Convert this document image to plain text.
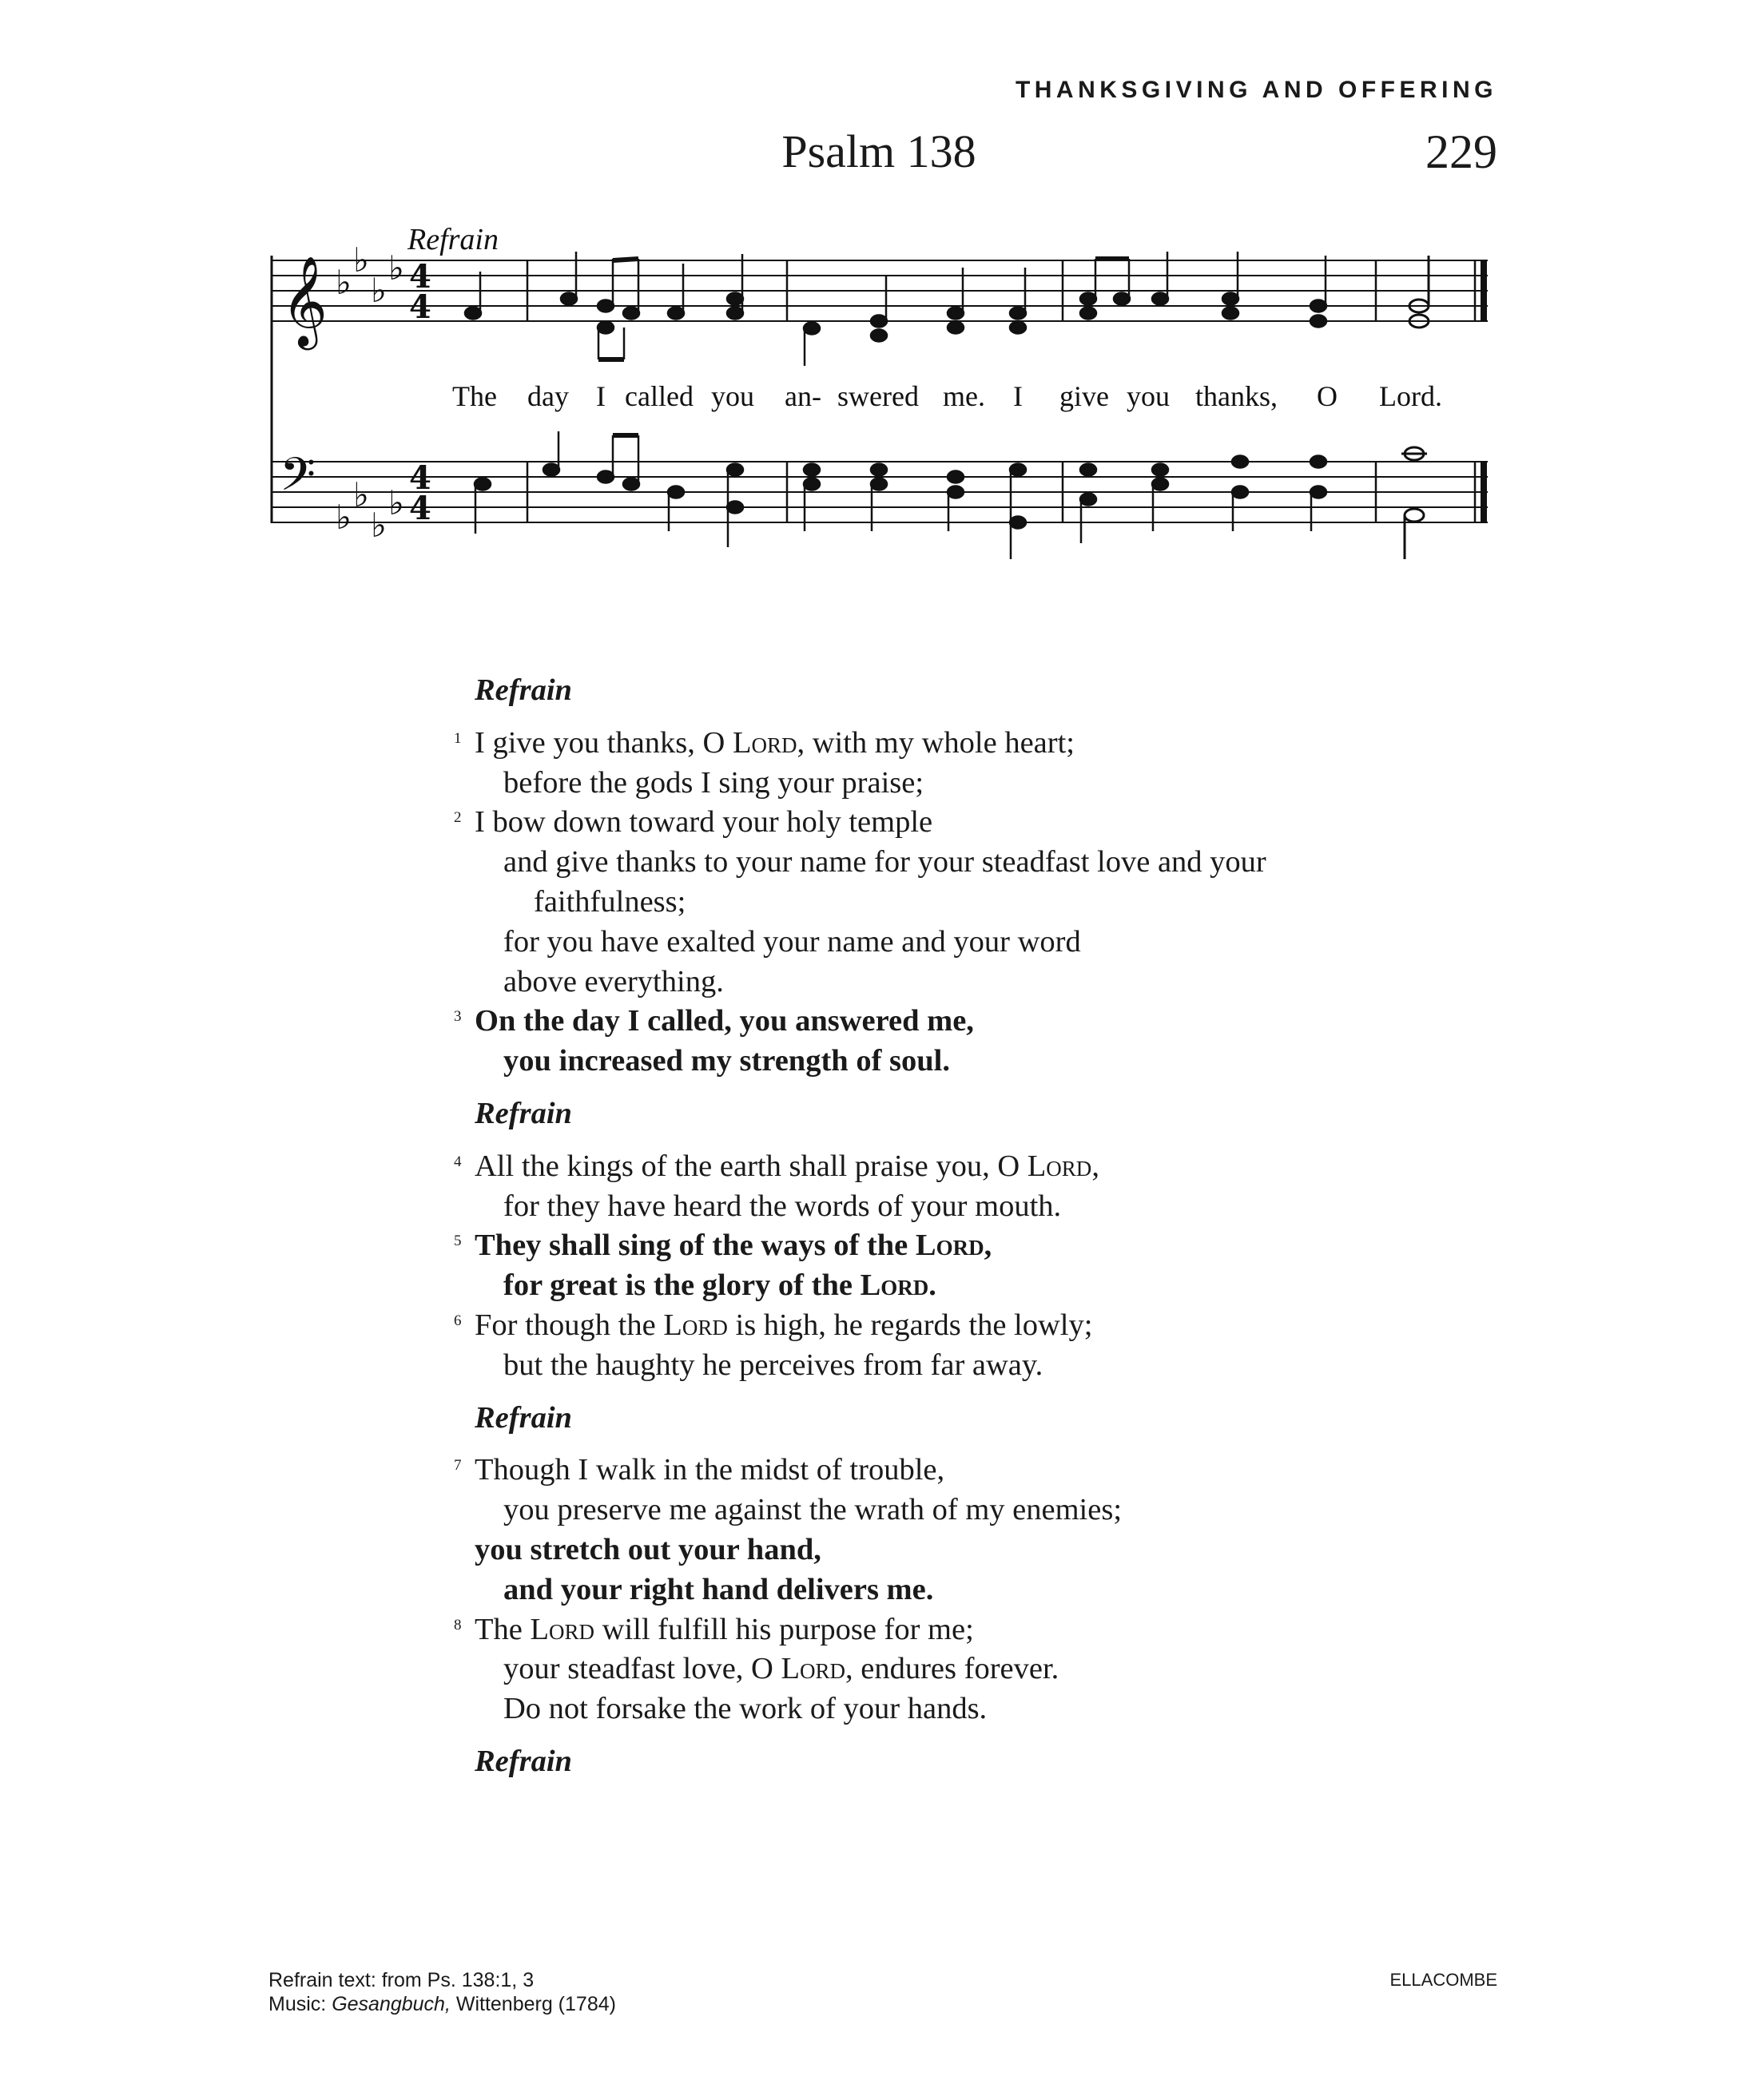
THANKSGIVING AND OFFERING
Psalm 138	229
𝄞
𝄢
♭
♭
♭
♭
♭
♭
♭
♭
4
4
4
4
Refrain
The day I called you an- swered me. I give you thanks, O Lord.
Refrain
1 I give you thanks, O Lord, with my whole heart;
before the gods I sing your praise;
2 I bow down toward your holy temple
and give thanks to your name for your steadfast love and your
faithfulness;
for you have exalted your name and your word
above everything.
3 On the day I called, you answered me,
you increased my strength of soul.
Refrain
4 All the kings of the earth shall praise you, O Lord,
for they have heard the words of your mouth.
5 They shall sing of the ways of the Lord,
for great is the glory of the Lord.
6 For though the Lord is high, he regards the lowly;
but the haughty he perceives from far away.
Refrain
7 Though I walk in the midst of trouble,
you preserve me against the wrath of my enemies;
you stretch out your hand,
and your right hand delivers me.
8 The Lord will fulfill his purpose for me;
your steadfast love, O Lord, endures forever.
Do not forsake the work of your hands.
Refrain
Refrain text: from Ps. 138:1, 3
Music: Gesangbuch, Wittenberg (1784)
ELLACOMBE
